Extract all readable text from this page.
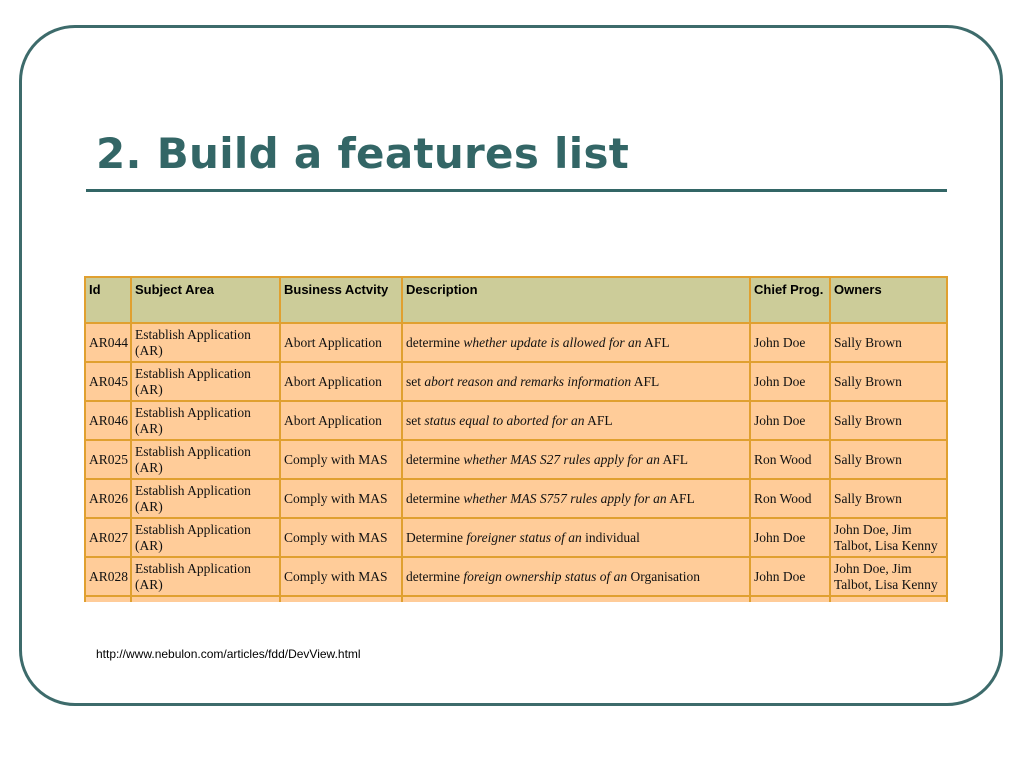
2. Build a features list
Id	Subject Area	Business Actvity	Description	Chief Prog.	Owners
AR044	Establish Application (AR)	Abort Application	determine whether update is allowed for an AFL	John Doe	Sally Brown
AR045	Establish Application (AR)	Abort Application	set abort reason and remarks information AFL	John Doe	Sally Brown
AR046	Establish Application (AR)	Abort Application	set status equal to aborted for an AFL	John Doe	Sally Brown
AR025	Establish Application (AR)	Comply with MAS	determine whether MAS S27 rules apply for an AFL	Ron Wood	Sally Brown
AR026	Establish Application (AR)	Comply with MAS	determine whether MAS S757 rules apply for an AFL	Ron Wood	Sally Brown
AR027	Establish Application (AR)	Comply with MAS	Determine foreigner status of an individual	John Doe	John Doe, Jim Talbot, Lisa Kenny
AR028	Establish Application (AR)	Comply with MAS	determine foreign ownership status of an Organisation	John Doe	John Doe, Jim Talbot, Lisa Kenny

http://www.nebulon.com/articles/fdd/DevView.html
